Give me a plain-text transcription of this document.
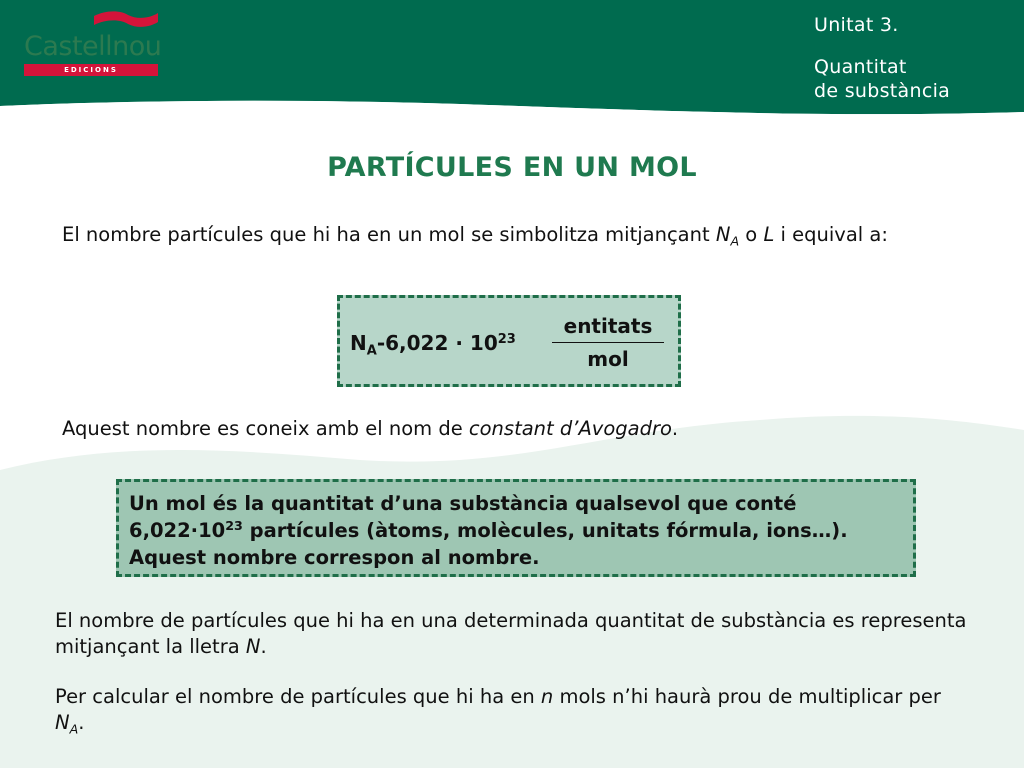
Castellnou
EDICIONS
Unitat 3.
Quantitat
de substància
PARTÍCULES EN UN MOL
El nombre partícules que hi ha en un mol se simbolitza mitjançant $N_A$ o L i equival a:
$N_A-6,022 \cdot 10^{23}$
entitats
mol
Aquest nombre es coneix amb el nom de constant d’Avogadro.
Un mol és la quantitat d’una substància qualsevol que conté $6,022\cdot 10^{23}$ partícules (àtoms, molècules, unitats fórmula, ions…). Aquest nombre correspon al nombre.
El nombre de partícules que hi ha en una determinada quantitat de substància es representa mitjançant la lletra N.
Per calcular el nombre de partícules que hi ha en n mols n’hi haurà prou de multiplicar per $N_A$.
